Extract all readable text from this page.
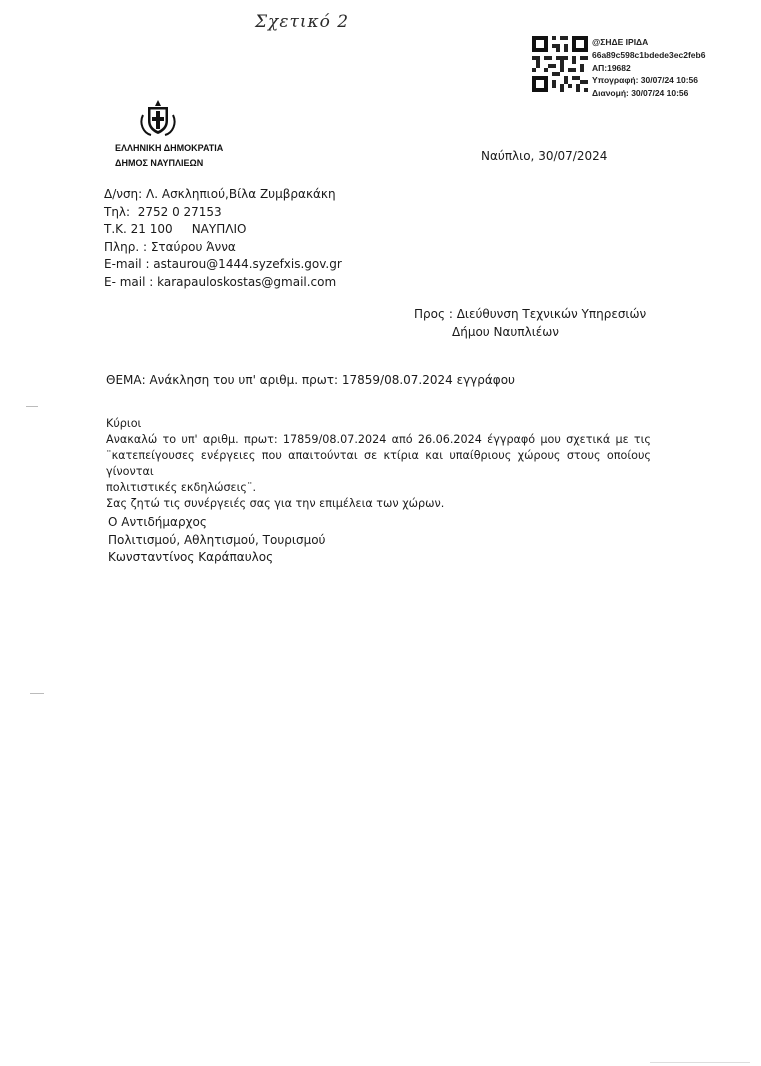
Σχετικό 2
@ΣΗΔΕ ΙΡΙΔΑ
66a89c598c1bdede3ec2feb6
ΑΠ:19682
Υπογραφή: 30/07/24 10:56
Διανομή: 30/07/24 10:56
ΕΛΛΗΝΙΚΗ ΔΗΜΟΚΡΑΤΙΑ
ΔΗΜΟΣ ΝΑΥΠΛΙΕΩΝ	Ναύπλιο, 30/07/2024
Δ/νση: Λ. Ασκληπιού,Βίλα Ζυμβρακάκη
Τηλ:  2752 0 27153
Τ.Κ. 21 100     ΝΑΥΠΛΙΟ
Πληρ. : Σταύρου Άννα
E-mail : astaurou@1444.syzefxis.gov.gr
E- mail : karapauloskostas@gmail.com
Προς : Διεύθυνση Τεχνικών Υπηρεσιών
Δήμου Ναυπλιέων
ΘΕΜΑ: Ανάκληση του υπ' αριθμ. πρωτ: 17859/08.07.2024 εγγράφου
Κύριοι
Ανακαλώ το υπ' αριθμ. πρωτ: 17859/08.07.2024 από 26.06.2024 έγγραφό μου σχετικά με τις
¨κατεπείγουσες ενέργειες που απαιτούνται σε κτίρια και υπαίθριους χώρους στους οποίους γίνονται
πολιτιστικές εκδηλώσεις¨.
Σας ζητώ τις συνέργειές σας για την επιμέλεια των χώρων.
Ο Αντιδήμαρχος
Πολιτισμού, Αθλητισμού, Τουρισμού
Κωνσταντίνος Καράπαυλος
